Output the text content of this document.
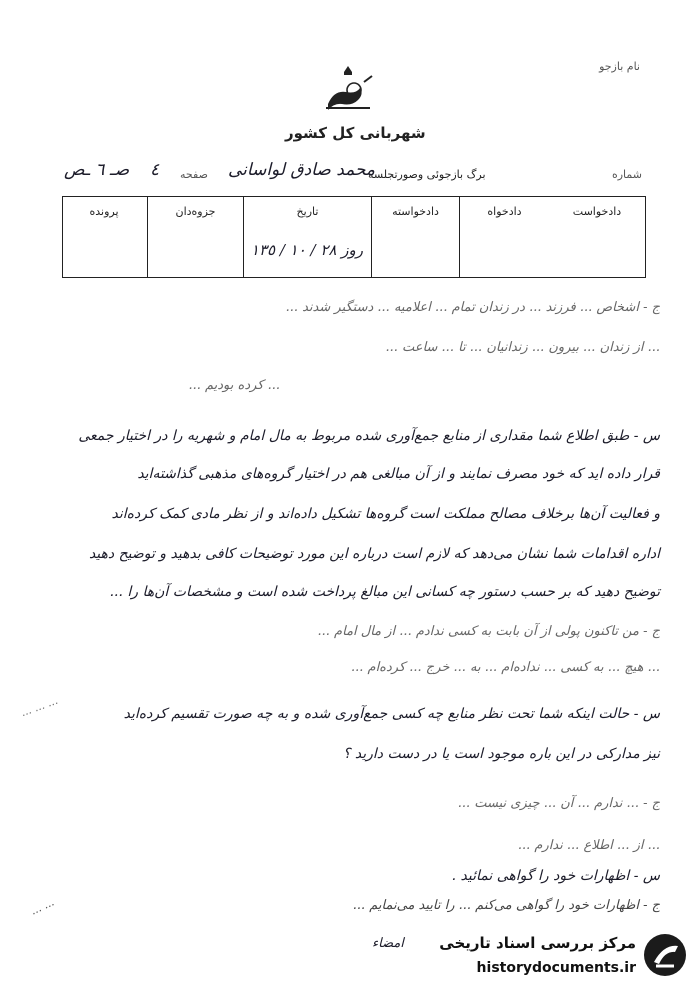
نام بازجو
شهربانی کل کشور
شماره
برگ بازجوئی وصورتجلسه
محمد صادق لواسانی
صفحه
٤
صـ ٦ ـص
دادخواست
دادخواه
دادخواسته
تاریخ
روز ٢٨ / ١٠ / ١٣٥
جزوه‌دان
پرونده
ج - اشخاص ... فرزند ... در زندان تمام ... اعلامیه ... دستگیر شدند ...
... از زندان ... بیرون ... زندانیان ... تا ... ساعت ...
... کرده بودیم ...
س - طبق اطلاع شما مقداری از منابع جمع‌آوری شده مربوط به مال امام و شهریه را در اختیار جمعی
قرار داده اید که خود مصرف نمایند و از آن مبالغی هم در اختیار گروه‌های مذهبی گذاشته‌اید
و فعالیت آن‌ها برخلاف مصالح مملکت است گروه‌ها تشکیل داده‌اند و از نظر مادی کمک کرده‌اند
اداره اقدامات شما نشان می‌دهد که لازم است درباره این مورد توضیحات کافی بدهید و توضیح دهید
توضیح دهید که بر حسب دستور چه کسانی این مبالغ پرداخت شده است و مشخصات آن‌ها را ...
ج - من تاکنون پولی از آن بابت به کسی ندادم ... از مال امام ...
... هیچ ... به کسی ... نداده‌ام ... به ... خرج ... کرده‌ام ...
س - حالت اینکه شما تحت نظر منابع چه کسی جمع‌آوری شده و به چه صورت تقسیم کرده‌اید
نیز مدارکی در این باره موجود است یا در دست دارید ؟
ج - ... ندارم ... آن ... چیزی نیست ...
... از ... اطلاع ... ندارم ...
س - اظهارات خود را گواهی نمائید .
ج - اظهارات خود را گواهی می‌کنم ... را تایید می‌نمایم ...
... ... ...
... ...
امضاء مرکز بررسی اسناد تاریخی
historydocuments.ir
